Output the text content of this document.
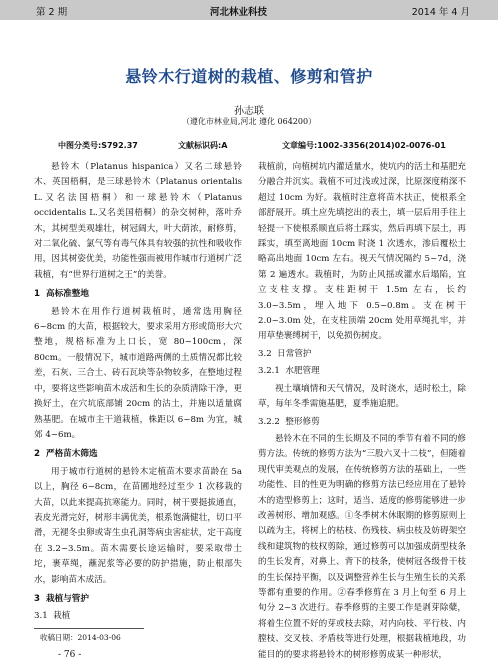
第 2 期	河北林业科技	2014 年 4 月
悬铃木行道树的栽植、修剪和管护
孙志联
（遵化市林业局,河北 遵化 064200）
中图分类号:S792.37	文献标识码:A	文章编号:1002-3356(2014)02-0076-01

悬铃木（Platanus hispanica）又名二球悬铃木、英国梧桐，是三球悬铃木（Platanus orientalis L.又名法国梧桐）和一球悬铃木（Platanus occidentalis L.又名美国梧桐）的杂交树种，落叶乔木，其树型美观雄壮，树冠阔大，叶大荫浓，耐修剪，对二氧化硫、氯气等有毒气体具有较强的抗性和吸收作用，因其树姿优美，功能性强而被用作城市行道树广泛栽植，有“世界行道树之王”的美誉。

1 高标准整地

悬铃木在用作行道树栽植时，通常选用胸径6~8cm 的大苗，根据较大，要求采用方形或筒形大穴整地，规格标准为上口长，宽 80~100cm，深80cm。一般情况下，城市道路两侧的土质情况都比较差，石灰、三合土、砖石瓦块等杂物较多，在整地过程中，要将这些影响苗木成活和生长的杂质清除干净，更换好土，在穴坑底部铺 20cm 的沽土，并施以适量腐熟基肥。在城市主干道栽植，株距以 6~8m 为宜，城郊 4~6m。

2 严格苗木筛选

用于城市行道树的悬铃木定植苗木要求苗龄在 5a 以上，胸径 6~8cm，在苗圃地经过至少 1 次移栽的大苗，以此来提高抗寒能力。同时，树干要挺拔通直，表皮光滑完好，树形丰满优美，根系饱满健壮，切口平滑，无褪冬虫卵或寄生虫孔洞等病虫害症状，定干高度在 3.2~3.5m。苗木需要长途运输时，要采取带土坨，裹草绳，蘸泥浆等必要的防护措施，防止根部失水，影响苗木成活。

3 栽植与管护
3.1 栽植

栽植前，向植树坑内灌适量水，使坑内的活土和基肥充分融合并沉实。栽植不可过浅或过深，比原深度稍深不超过 10cm 为好。栽植时注意将苗木扶正，使根系全部舒展开。填土应先填挖出的表土，填一层后用手往上轻提一下使根系顺直后将土踩实，然后再填下层土，再踩实，填至离地面 10cm 时浇 1 次透水，渗后覆松土略高出地面 10cm 左右。视天气情况隔约 5~7d，浇第 2 遍透水。栽植时，为防止风摇或灌水后塌陷，宜立支柱支撑。支柱距树干 1.5m 左右，长约 3.0~3.5m，埋入地下 0.5~0.8m。支在树干 2.0~3.0m 处，在支柱顶端 20cm 处用草绳扎牢，并用草垫裹缚树干，以免损伤树皮。

3.2 日常管护
3.2.1 水肥管理

视土壤墒情和天气情况，及时浇水，适时松土，除草，每年冬季需施基肥，夏季施追肥。

3.2.2 整形修剪

悬铃木在不同的生长期及不同的季节有着不同的修剪方法。传统的修剪方法为“三股六叉十二枝”，但随着现代审美观点的发展，在传统修剪方法的基础上，一些功能性、目的性更为明确的修剪方法已经应用在了悬铃木的造型修剪上；这时，适当、适度的修剪能够进一步改善树形、增加观感。①冬季树木休眠期的修剪原则上以疏为主，将树上的枯枝、伤残枝、病虫枝及妨碍架空线和建筑物的枝权剪除，通过修剪可以加强成荫型枝条的生长发育，对鼻上、背下的枝条，使树冠各级骨干枝的生长保持平衡，以及调整营养生长与生殖生长的关系等都有重要的作用。②春季修剪在 3 月上旬至 6 月上旬分 2~3 次进行。春季修剪的主要工作是剥芽除糵，将着生位置不好的芽或枝去除，对内向枝、平行枝、内膛枝、交叉枝、矛盾枝等进行处理，根据栽植地段，功能目的的要求将悬铃木的树形修剪成某一种形状，

收稿日期：2014-03-06
- 76 -
